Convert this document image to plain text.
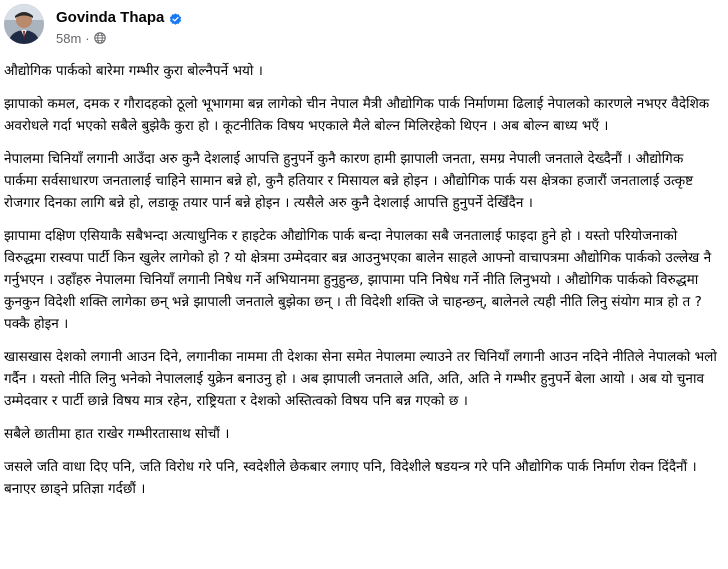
Govinda Thapa
58m ·

औद्योगिक पार्कको बारेमा गम्भीर कुरा बोल्नैपर्ने भयो ।

झापाको कमल, दमक र गौरादहको ठूलो भूभागमा बन्न लागेको चीन नेपाल मैत्री औद्योगिक पार्क निर्माणमा ढिलाई नेपालको कारणले नभएर वैदेशिक अवरोधले गर्दा भएको सबैले बुझेकै कुरा हो । कूटनीतिक विषय भएकाले मैले बोल्न मिलिरहेको थिएन । अब बोल्न बाध्य भएँ ।

नेपालमा चिनियाँ लगानी आउँदा अरु कुनै देशलाई आपत्ति हुनुपर्ने कुनै कारण हामी झापाली जनता, समग्र नेपाली जनताले देख्दैनौं । औद्योगिक पार्कमा सर्वसाधारण जनतालाई चाहिने सामान बन्ने हो, कुनै हतियार र मिसायल बन्ने होइन । औद्योगिक पार्क यस क्षेत्रका हजारौं जनतालाई उत्कृष्ट रोजगार दिनका लागि बन्ने हो, लडाकू तयार पार्न बन्ने होइन । त्यसैले अरु कुनै देशलाई आपत्ति हुनुपर्ने देखिँदैन ।

झापामा दक्षिण एसियाकै सबैभन्दा अत्याधुनिक र हाइटेक औद्योगिक पार्क बन्दा नेपालका सबै जनतालाई फाइदा हुने हो । यस्तो परियोजनाको विरुद्धमा रास्वपा पार्टी किन खुलेर लागेको हो ? यो क्षेत्रमा उम्मेदवार बन्न आउनुभएका बालेन साहले आफ्नो वाचापत्रमा औद्योगिक पार्कको उल्लेख नै गर्नुभएन । उहाँहरु नेपालमा चिनियाँ लगानी निषेध गर्ने अभियानमा हुनुहुन्छ, झापामा पनि निषेध गर्ने नीति लिनुभयो । औद्योगिक पार्कको विरुद्धमा कुनकुन विदेशी शक्ति लागेका छन् भन्ने झापाली जनताले बुझेका छन् । ती विदेशी शक्ति जे चाहन्छन्, बालेनले त्यही नीति लिनु संयोग मात्र हो त ? पक्कै होइन ।

खासखास देशको लगानी आउन दिने, लगानीका नाममा ती देशका सेना समेत नेपालमा ल्याउने तर चिनियाँ लगानी आउन नदिने नीतिले नेपालको भलो गर्दैन । यस्तो नीति लिनु भनेको नेपाललाई युक्रेन बनाउनु हो । अब झापाली जनताले अति, अति, अति ने गम्भीर हुनुपर्ने बेला आयो । अब यो चुनाव उम्मेदवार र पार्टी छान्ने विषय मात्र रहेन, राष्ट्रियता र देशको अस्तित्वको विषय पनि बन्न गएको छ ।

सबैले छातीमा हात राखेर गम्भीरतासाथ सोचौं ।

जसले जति वाधा दिए पनि, जति विरोध गरे पनि, स्वदेशीले छेकबार लगाए पनि, विदेशीले षडयन्त्र गरे पनि औद्योगिक पार्क निर्माण रोक्न दिंदैनौं । बनाएर छाड्ने प्रतिज्ञा गर्दछौं ।
